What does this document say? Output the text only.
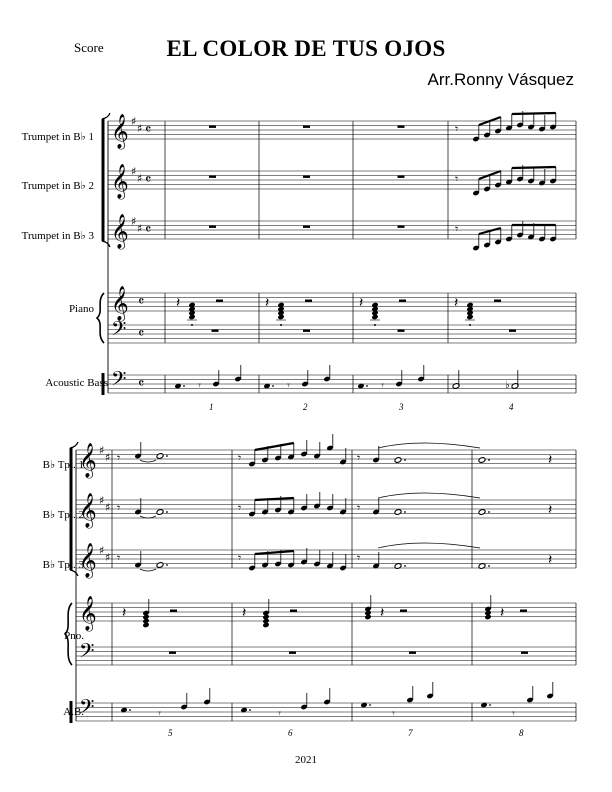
Score	EL COLOR DE TUS OJOS
Arr.Ronny Vásquez
Trumpet in B♭ 1
Trumpet in B♭ 2
Trumpet in B♭ 3
Piano
Acoustic Bass
B♭ Tpt. 1
B♭ Tpt. 2
B♭ Tpt. 3
Pno.
A.B.
1	2	3	4
5	6	7	8
2021
𝄞
𝄞
𝄞
𝄞
𝄢
𝄢
♯
♯
♯
♯
♯
♯
𝄴
𝄴
𝄴
𝄴
𝄴
𝄴
𝄞
𝄞
𝄞
𝄞
𝄢
𝄢
♯
♯
♯
♯
♯
♯
𝄾
𝄾
𝄾
𝄽	𝄽	𝄽	𝄽
𝄾	𝄾	𝄾	♭
𝄾
𝄾
𝄾
𝄾
𝄾
𝄾
𝄾	𝄽
𝄾	𝄽
𝄾	𝄽
𝄽	𝄽	𝄽	𝄽
𝄾	𝄾	𝄾	𝄾
